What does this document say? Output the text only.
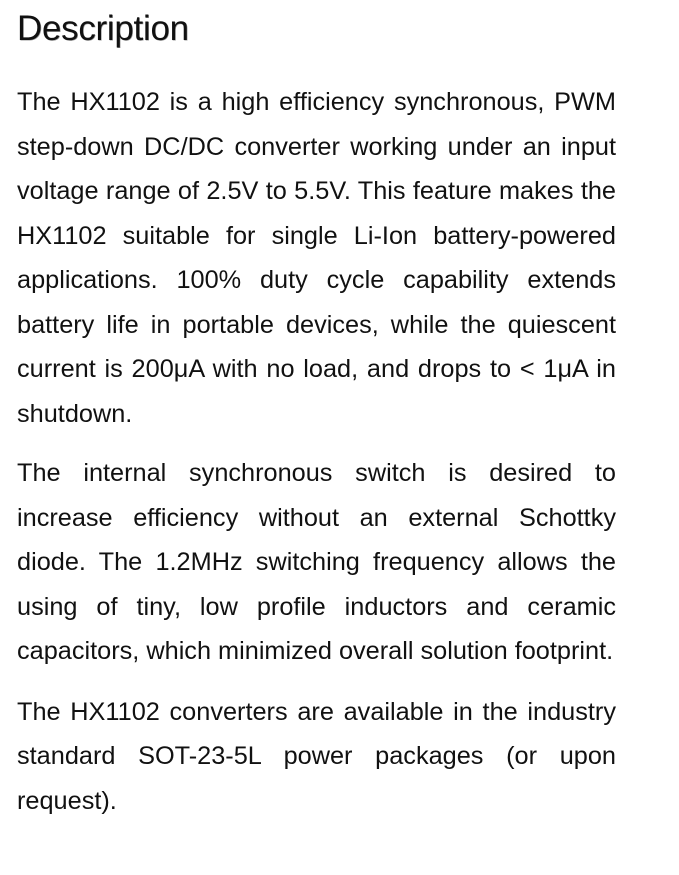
Description

The HX1102 is a high efficiency synchronous, PWM step-down DC/DC converter working under an input voltage range of 2.5V to 5.5V. This feature makes the HX1102 suitable for single Li-Ion battery-powered applications. 100% duty cycle capability extends battery life in portable devices, while the quiescent current is 200μA with no load, and drops to < 1μA in shutdown.

The internal synchronous switch is desired to increase efficiency without an external Schottky diode. The 1.2MHz switching frequency allows the using of tiny, low profile inductors and ceramic capacitors, which minimized overall solution footprint.

The HX1102 converters are available in the industry standard SOT-23-5L power packages (or upon request).
